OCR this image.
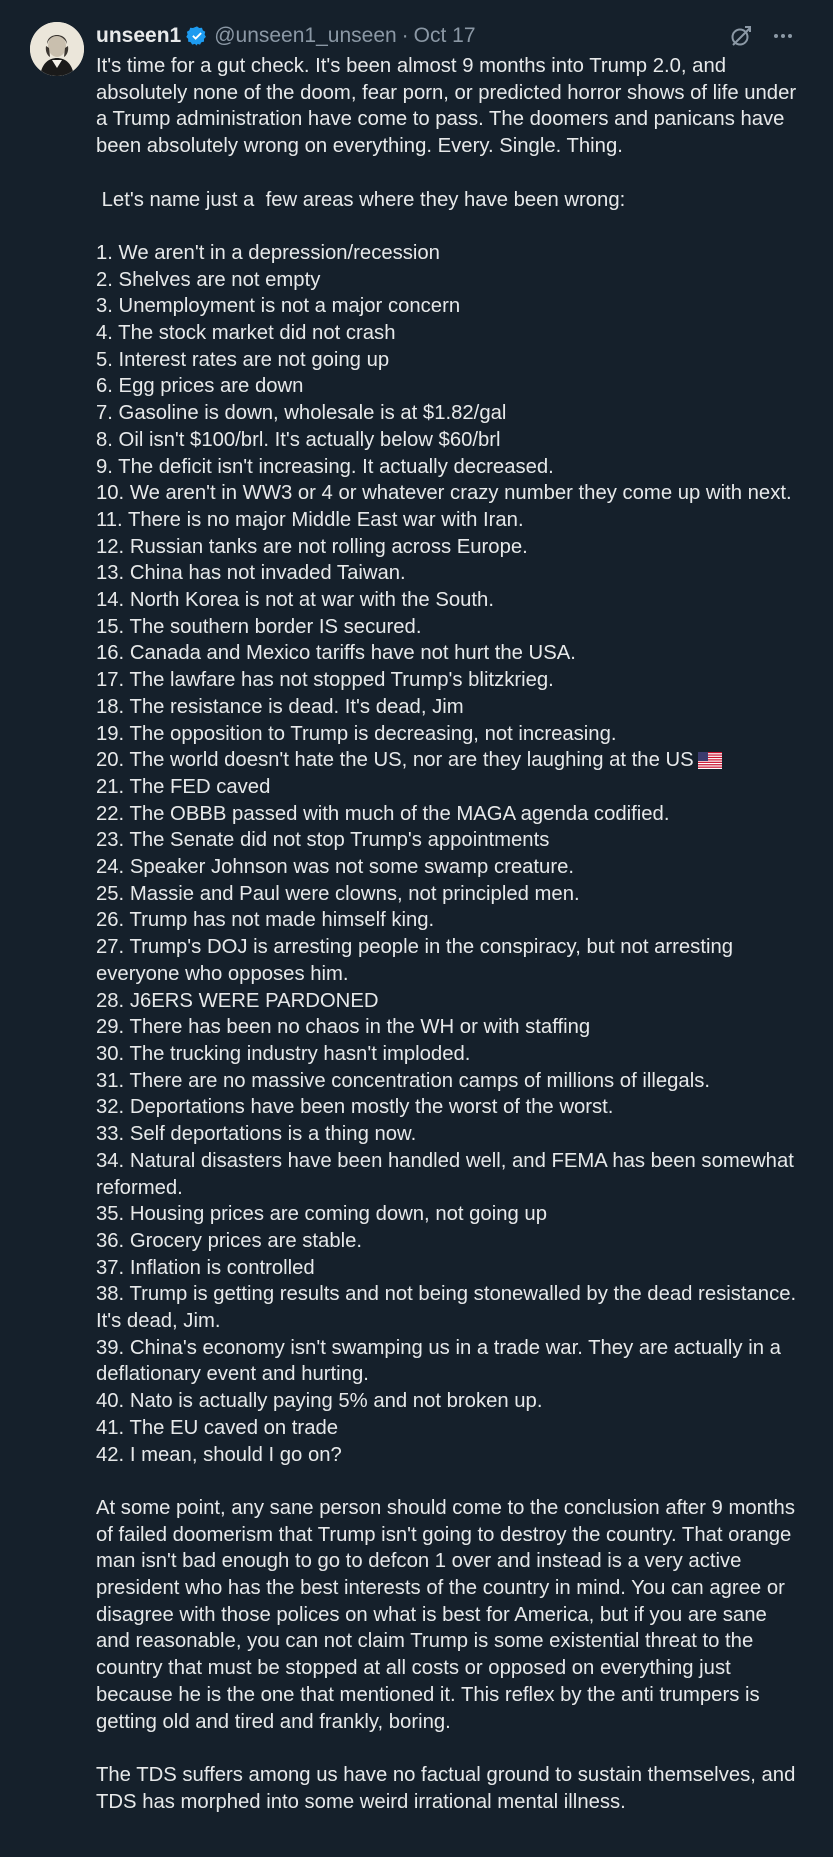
unseen1 @unseen1_unseen · Oct 17
It's time for a gut check. It's been almost 9 months into Trump 2.0, and absolutely none of the doom, fear porn, or predicted horror shows of life under a Trump administration have come to pass. The doomers and panicans have been absolutely wrong on everything. Every. Single. Thing.
Let's name just a  few areas where they have been wrong:
1. We aren't in a depression/recession
2. Shelves are not empty
3. Unemployment is not a major concern
4. The stock market did not crash
5. Interest rates are not going up
6. Egg prices are down
7. Gasoline is down, wholesale is at $1.82/gal
8. Oil isn't $100/brl. It's actually below $60/brl
9. The deficit isn't increasing. It actually decreased.
10. We aren't in WW3 or 4 or whatever crazy number they come up with next.
11. There is no major Middle East war with Iran.
12. Russian tanks are not rolling across Europe.
13. China has not invaded Taiwan.
14. North Korea is not at war with the South.
15. The southern border IS secured.
16. Canada and Mexico tariffs have not hurt the USA.
17. The lawfare has not stopped Trump's blitzkrieg.
18. The resistance is dead. It's dead, Jim
19. The opposition to Trump is decreasing, not increasing.
20. The world doesn't hate the US, nor are they laughing at the US
21. The FED caved
22. The OBBB passed with much of the MAGA agenda codified.
23. The Senate did not stop Trump's appointments
24. Speaker Johnson was not some swamp creature.
25. Massie and Paul were clowns, not principled men.
26. Trump has not made himself king.
27. Trump's DOJ is arresting people in the conspiracy, but not arresting everyone who opposes him.
28. J6ERS WERE PARDONED
29. There has been no chaos in the WH or with staffing
30. The trucking industry hasn't imploded.
31. There are no massive concentration camps of millions of illegals.
32. Deportations have been mostly the worst of the worst.
33. Self deportations is a thing now.
34. Natural disasters have been handled well, and FEMA has been somewhat reformed.
35. Housing prices are coming down, not going up
36. Grocery prices are stable.
37. Inflation is controlled
38. Trump is getting results and not being stonewalled by the dead resistance. It's dead, Jim.
39. China's economy isn't swamping us in a trade war. They are actually in a deflationary event and hurting.
40. Nato is actually paying 5% and not broken up.
41. The EU caved on trade
42. I mean, should I go on?
At some point, any sane person should come to the conclusion after 9 months of failed doomerism that Trump isn't going to destroy the country. That orange man isn't bad enough to go to defcon 1 over and instead is a very active president who has the best interests of the country in mind. You can agree or disagree with those polices on what is best for America, but if you are sane and reasonable, you can not claim Trump is some existential threat to the country that must be stopped at all costs or opposed on everything just because he is the one that mentioned it. This reflex by the anti trumpers is getting old and tired and frankly, boring.
The TDS suffers among us have no factual ground to sustain themselves, and TDS has morphed into some weird irrational mental illness.
